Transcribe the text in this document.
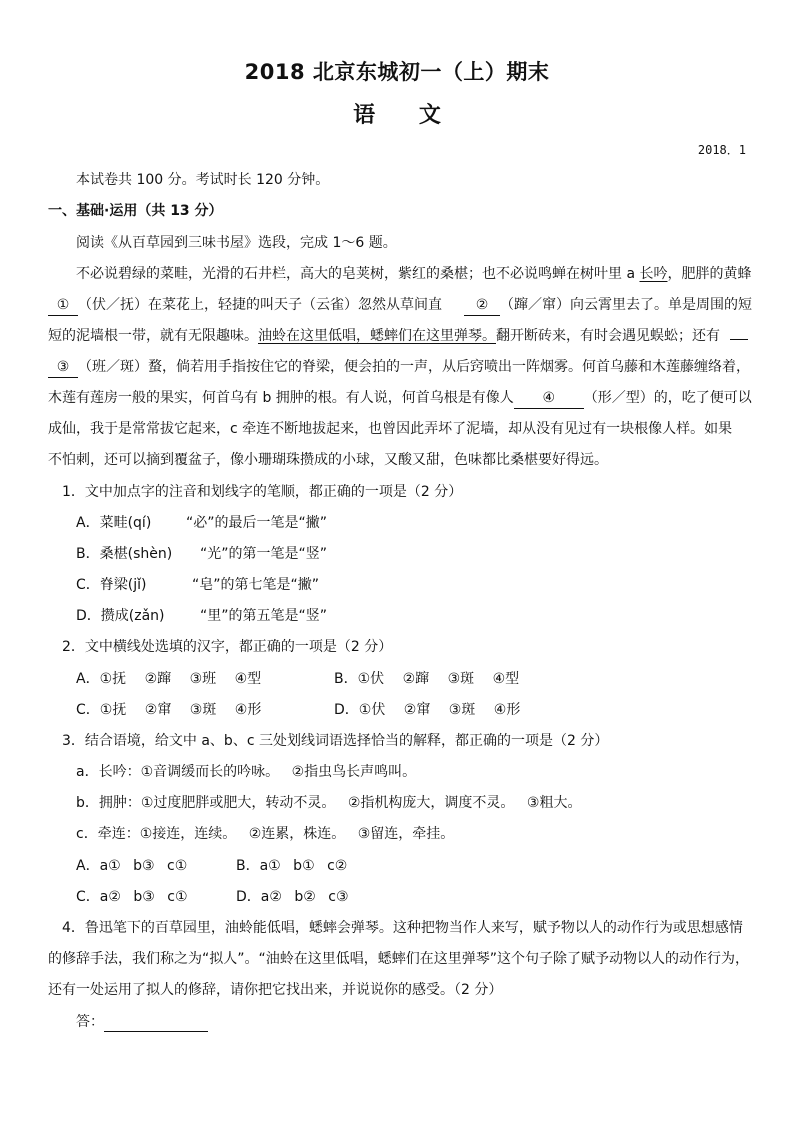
2018 北京东城初一（上）期末
语 文
2018．1
本试卷共 100 分。考试时长 120 分钟。
一、基础·运用（共 13 分）
阅读《从百草园到三味书屋》选段，完成 1～6 题。
不必说碧绿的菜畦，光滑的石井栏，高大的皂荚树，紫红的桑椹；也不必说鸣蝉在树叶里 a 长吟，肥胖的黄蜂
① （伏／抚）在菜花上，轻捷的叫天子（云雀）忽然从草间直 ② （蹿／窜）向云霄里去了。单是周围的短
短的泥墙根一带，就有无限趣味。油蛉在这里低唱，蟋蟀们在这里弹琴。翻开断砖来，有时会遇见蜈蚣；还有
③ （班／斑）蝥，倘若用手指按住它的脊梁，便会拍的一声，从后窍喷出一阵烟雾。何首乌藤和木莲藤缠络着，
木莲有莲房一般的果实，何首乌有 b 拥肿的根。有人说，何首乌根是有像人 ④ （形／型）的，吃了便可以
成仙，我于是常常拔它起来，c 牵连不断地拔起来，也曾因此弄坏了泥墙，却从没有见过有一块根像人样。如果
不怕刺，还可以摘到覆盆子，像小珊瑚珠攒成的小球，又酸又甜，色味都比桑椹要好得远。
1．文中加点字的注音和划线字的笔顺，都正确的一项是（2 分）
A．菜畦(qí) “必”的最后一笔是“撇”
B．桑椹(shèn) “光”的第一笔是“竖”
C．脊梁(jǐ)	“皂”的第七笔是“撇”
D．攒成(zǎn)	“里”的第五笔是“竖”
2．文中横线处选填的汉字，都正确的一项是（2 分）
A．①抚 ②蹿 ③班 ④型	B．①伏 ②蹿 ③斑 ④型
C．①抚 ②窜 ③斑 ④形	D．①伏 ②窜 ③斑 ④形
3．结合语境，给文中 a、b、c 三处划线词语选择恰当的解释，都正确的一项是（2 分）
a．长吟：①音调缓而长的吟咏。 ②指虫鸟长声鸣叫。
b．拥肿：①过度肥胖或肥大，转动不灵。 ②指机构庞大，调度不灵。 ③粗大。
c．牵连：①接连，连续。 ②连累，株连。 ③留连，牵挂。
A．a① b③ c①	B．a① b① c②
C．a② b③ c①	D．a② b② c③
4．鲁迅笔下的百草园里，油蛉能低唱，蟋蟀会弹琴。这种把物当作人来写，赋予物以人的动作行为或思想感情
的修辞手法，我们称之为“拟人”。“油蛉在这里低唱，蟋蟀们在这里弹琴”这个句子除了赋予动物以人的动作行为，
还有一处运用了拟人的修辞，请你把它找出来，并说说你的感受。（2 分）
答：
